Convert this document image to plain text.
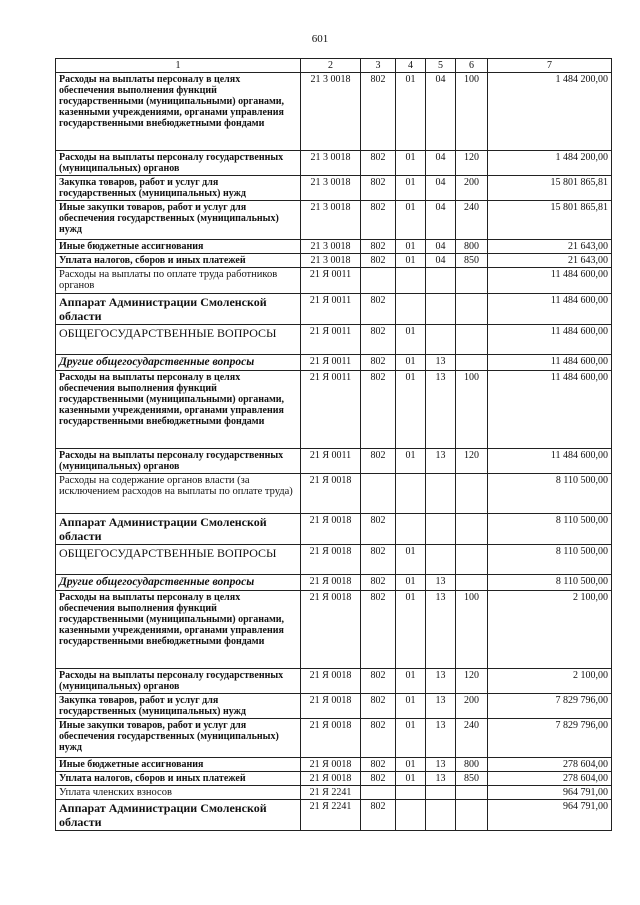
601
1	2	3	4	5	6	7
Расходы на выплаты персоналу в целях обеспечения выполнения функций государственными (муниципальными) органами, казенными учреждениями, органами управления государственными внебюджетными фондами	21 3 0018	802	01	04	100	1 484 200,00
Расходы на выплаты персоналу государственных (муниципальных) органов	21 3 0018	802	01	04	120	1 484 200,00
Закупка товаров, работ и услуг для государственных (муниципальных) нужд	21 3 0018	802	01	04	200	15 801 865,81
Иные закупки товаров, работ и услуг для обеспечения государственных (муниципальных) нужд	21 3 0018	802	01	04	240	15 801 865,81
Иные бюджетные ассигнования	21 3 0018	802	01	04	800	21 643,00
Уплата налогов, сборов и иных платежей	21 3 0018	802	01	04	850	21 643,00
Расходы на выплаты по оплате труда работников органов	21 Я 0011					11 484 600,00
Аппарат Администрации Смоленской области	21 Я 0011	802				11 484 600,00
ОБЩЕГОСУДАРСТВЕННЫЕ ВОПРОСЫ	21 Я 0011	802	01			11 484 600,00
Другие общегосударственные вопросы	21 Я 0011	802	01	13		11 484 600,00
Расходы на выплаты персоналу в целях обеспечения выполнения функций государственными (муниципальными) органами, казенными учреждениями, органами управления государственными внебюджетными фондами	21 Я 0011	802	01	13	100	11 484 600,00
Расходы на выплаты персоналу государственных (муниципальных) органов	21 Я 0011	802	01	13	120	11 484 600,00
Расходы на содержание органов власти (за исключением расходов на выплаты по оплате труда)	21 Я 0018					8 110 500,00
Аппарат Администрации Смоленской области	21 Я 0018	802				8 110 500,00
ОБЩЕГОСУДАРСТВЕННЫЕ ВОПРОСЫ	21 Я 0018	802	01			8 110 500,00
Другие общегосударственные вопросы	21 Я 0018	802	01	13		8 110 500,00
Расходы на выплаты персоналу в целях обеспечения выполнения функций государственными (муниципальными) органами, казенными учреждениями, органами управления государственными внебюджетными фондами	21 Я 0018	802	01	13	100	2 100,00
Расходы на выплаты персоналу государственных (муниципальных) органов	21 Я 0018	802	01	13	120	2 100,00
Закупка товаров, работ и услуг для государственных (муниципальных) нужд	21 Я 0018	802	01	13	200	7 829 796,00
Иные закупки товаров, работ и услуг для обеспечения государственных (муниципальных) нужд	21 Я 0018	802	01	13	240	7 829 796,00
Иные бюджетные ассигнования	21 Я 0018	802	01	13	800	278 604,00
Уплата налогов, сборов и иных платежей	21 Я 0018	802	01	13	850	278 604,00
Уплата членских взносов	21 Я 2241					964 791,00
Аппарат Администрации Смоленской области	21 Я 2241	802				964 791,00
